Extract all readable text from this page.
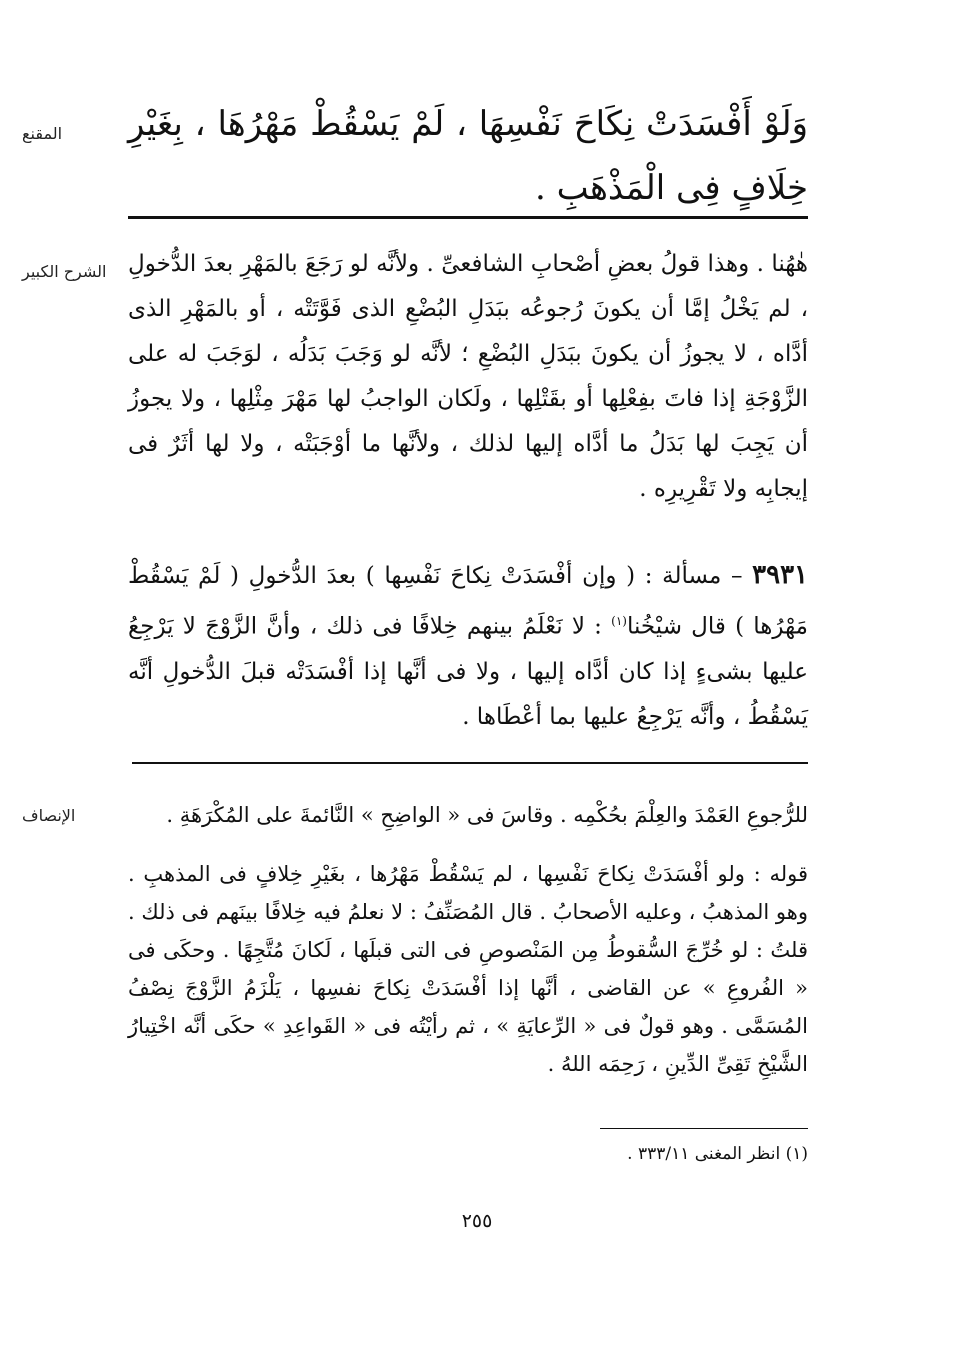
المقنع	وَلَوْ أَفْسَدَتْ نِكَاحَ نَفْسِهَا ، لَمْ يَسْقُطْ مَهْرُهَا ، بِغَيْرِ خِلَافٍ فِى الْمَذْهَبِ .
الشرح الكبير هٰهُنا . وهذا قولُ بعضِ أصْحابِ الشافعىِّ . ولأنَّه لو رَجَعَ بالمَهْرِ بعدَ الدُّخولِ ، لم يَخْلُ إمَّا أن يكونَ رُجوعُه ببَدَلِ البُضْعِ الذى فَوَّتَتْه ، أو بالمَهْرِ الذى أدَّاه ، لا يجوزُ أن يكونَ ببَدَلِ البُضْعِ ؛ لأنَّه لو وَجَبَ بَدَلُه ، لوَجَبَ له على الزَّوْجَةِ إذا فاتَ بفِعْلِها أو بقَتْلِها ، ولَكان الواجبُ لها مَهْرَ مِثْلِها ، ولا يجوزُ أن يَجِبَ لها بَدَلُ ما أدَّاه إليها لذلك ، ولأنَّها ما أوْجَبَتْه ، ولا لها أثَرٌ فى إيجابِه ولا تَقْرِيرِه .
٣٩٣١ – مسألة : ( وإن أفْسَدَتْ نِكاحَ نَفْسِها ) بعدَ الدُّخولِ ( لَمْ يَسْقُطْ مَهْرُها ) قال شيْخُنا$^{(١)}$ : لا نَعْلَمُ بينهم خِلافًا فى ذلك ، وأنَّ الزَّوْجَ لا يَرْجِعُ عليها بشىءٍ إذا كان أدَّاه إليها ، ولا فى أنَّها إذا أفْسَدَتْه قبلَ الدُّخولِ أنَّه يَسْقُطُ ، وأنَّه يَرْجِعُ عليها بما أعْطَاها .
الإنصاف	للرُّجوعِ العَمْدَ والعِلْمَ بحُكْمِه . وقاسَ فى « الواضِحِ » النَّائمةَ على المُكْرَهَةِ .
قوله : ولو أفْسَدَتْ نِكاحَ نَفْسِها ، لم يَسْقُطْ مَهْرُها ، بغَيْرِ خِلافٍ فى المذهبِ . وهو المذهبُ ، وعليه الأصحابُ . قال المُصَنِّفُ : لا نعلمُ فيه خِلافًا بينَهم فى ذلك . قلتُ : لو خُرِّجَ السُّقوطُ مِن المَنْصوصِ فى التى قبلَها ، لَكانَ مُتَّجِهًا . وحكَى فى « الفُروعِ » عن القاضى ، أنَّها إذا أفْسَدَتْ نِكاحَ نفسِها ، يَلْزَمُ الزَّوْجَ نِصْفُ المُسَمَّى . وهو قولٌ فى « الرِّعايَةِ » ، ثم رأيْتُه فى « القَواعِدِ » حكَى أنَّه اخْتِيارُ الشَّيْخِ تَقِىِّ الدِّينِ ، رَحِمَه اللهُ .
(١) انظر المغنى ٣٣٣/١١ .
٢٥٥
